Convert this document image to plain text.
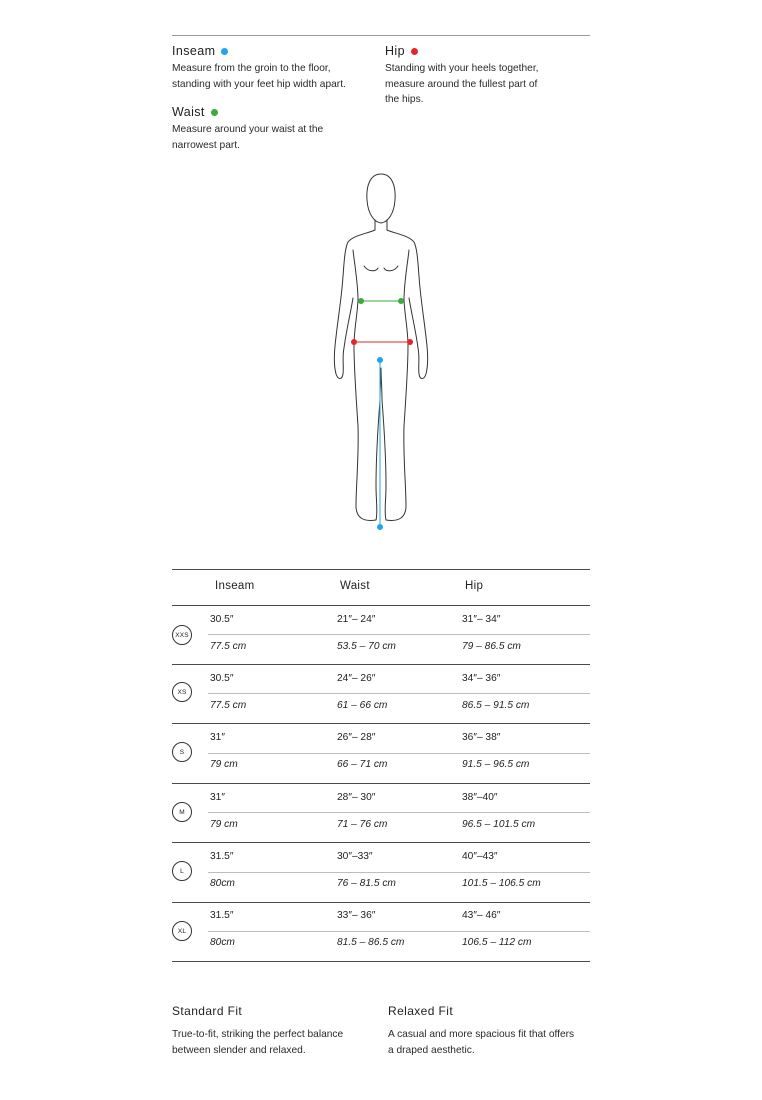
Inseam
Measure from the groin to the floor,
standing with your feet hip width apart.
Hip
Standing with your heels together,
measure around the fullest part of
the hips.
Waist
Measure around your waist at the
narrowest part.
Inseam	Waist	Hip
XXS
30.5″	21″– 24″	31″– 34″
77.5 cm	53.5 – 70 cm	79 – 86.5 cm
XS
30.5″	24″– 26″	34″– 36″
77.5 cm	61 – 66 cm	86.5 – 91.5 cm
S
31″	26″– 28″	36″– 38″
79 cm	66 – 71 cm	91.5 – 96.5 cm
M
31″	28″– 30″	38″–40″
79 cm	71 – 76 cm	96.5 – 101.5 cm
L
31.5″	30″–33″	40″–43″
80cm	76 – 81.5 cm	101.5 – 106.5 cm
XL
31.5″	33″– 36″	43″– 46″
80cm	81.5 – 86.5 cm	106.5 – 112 cm
Standard Fit
True-to-fit, striking the perfect balance
between slender and relaxed.
Relaxed Fit
A casual and more spacious fit that offers
a draped aesthetic.
